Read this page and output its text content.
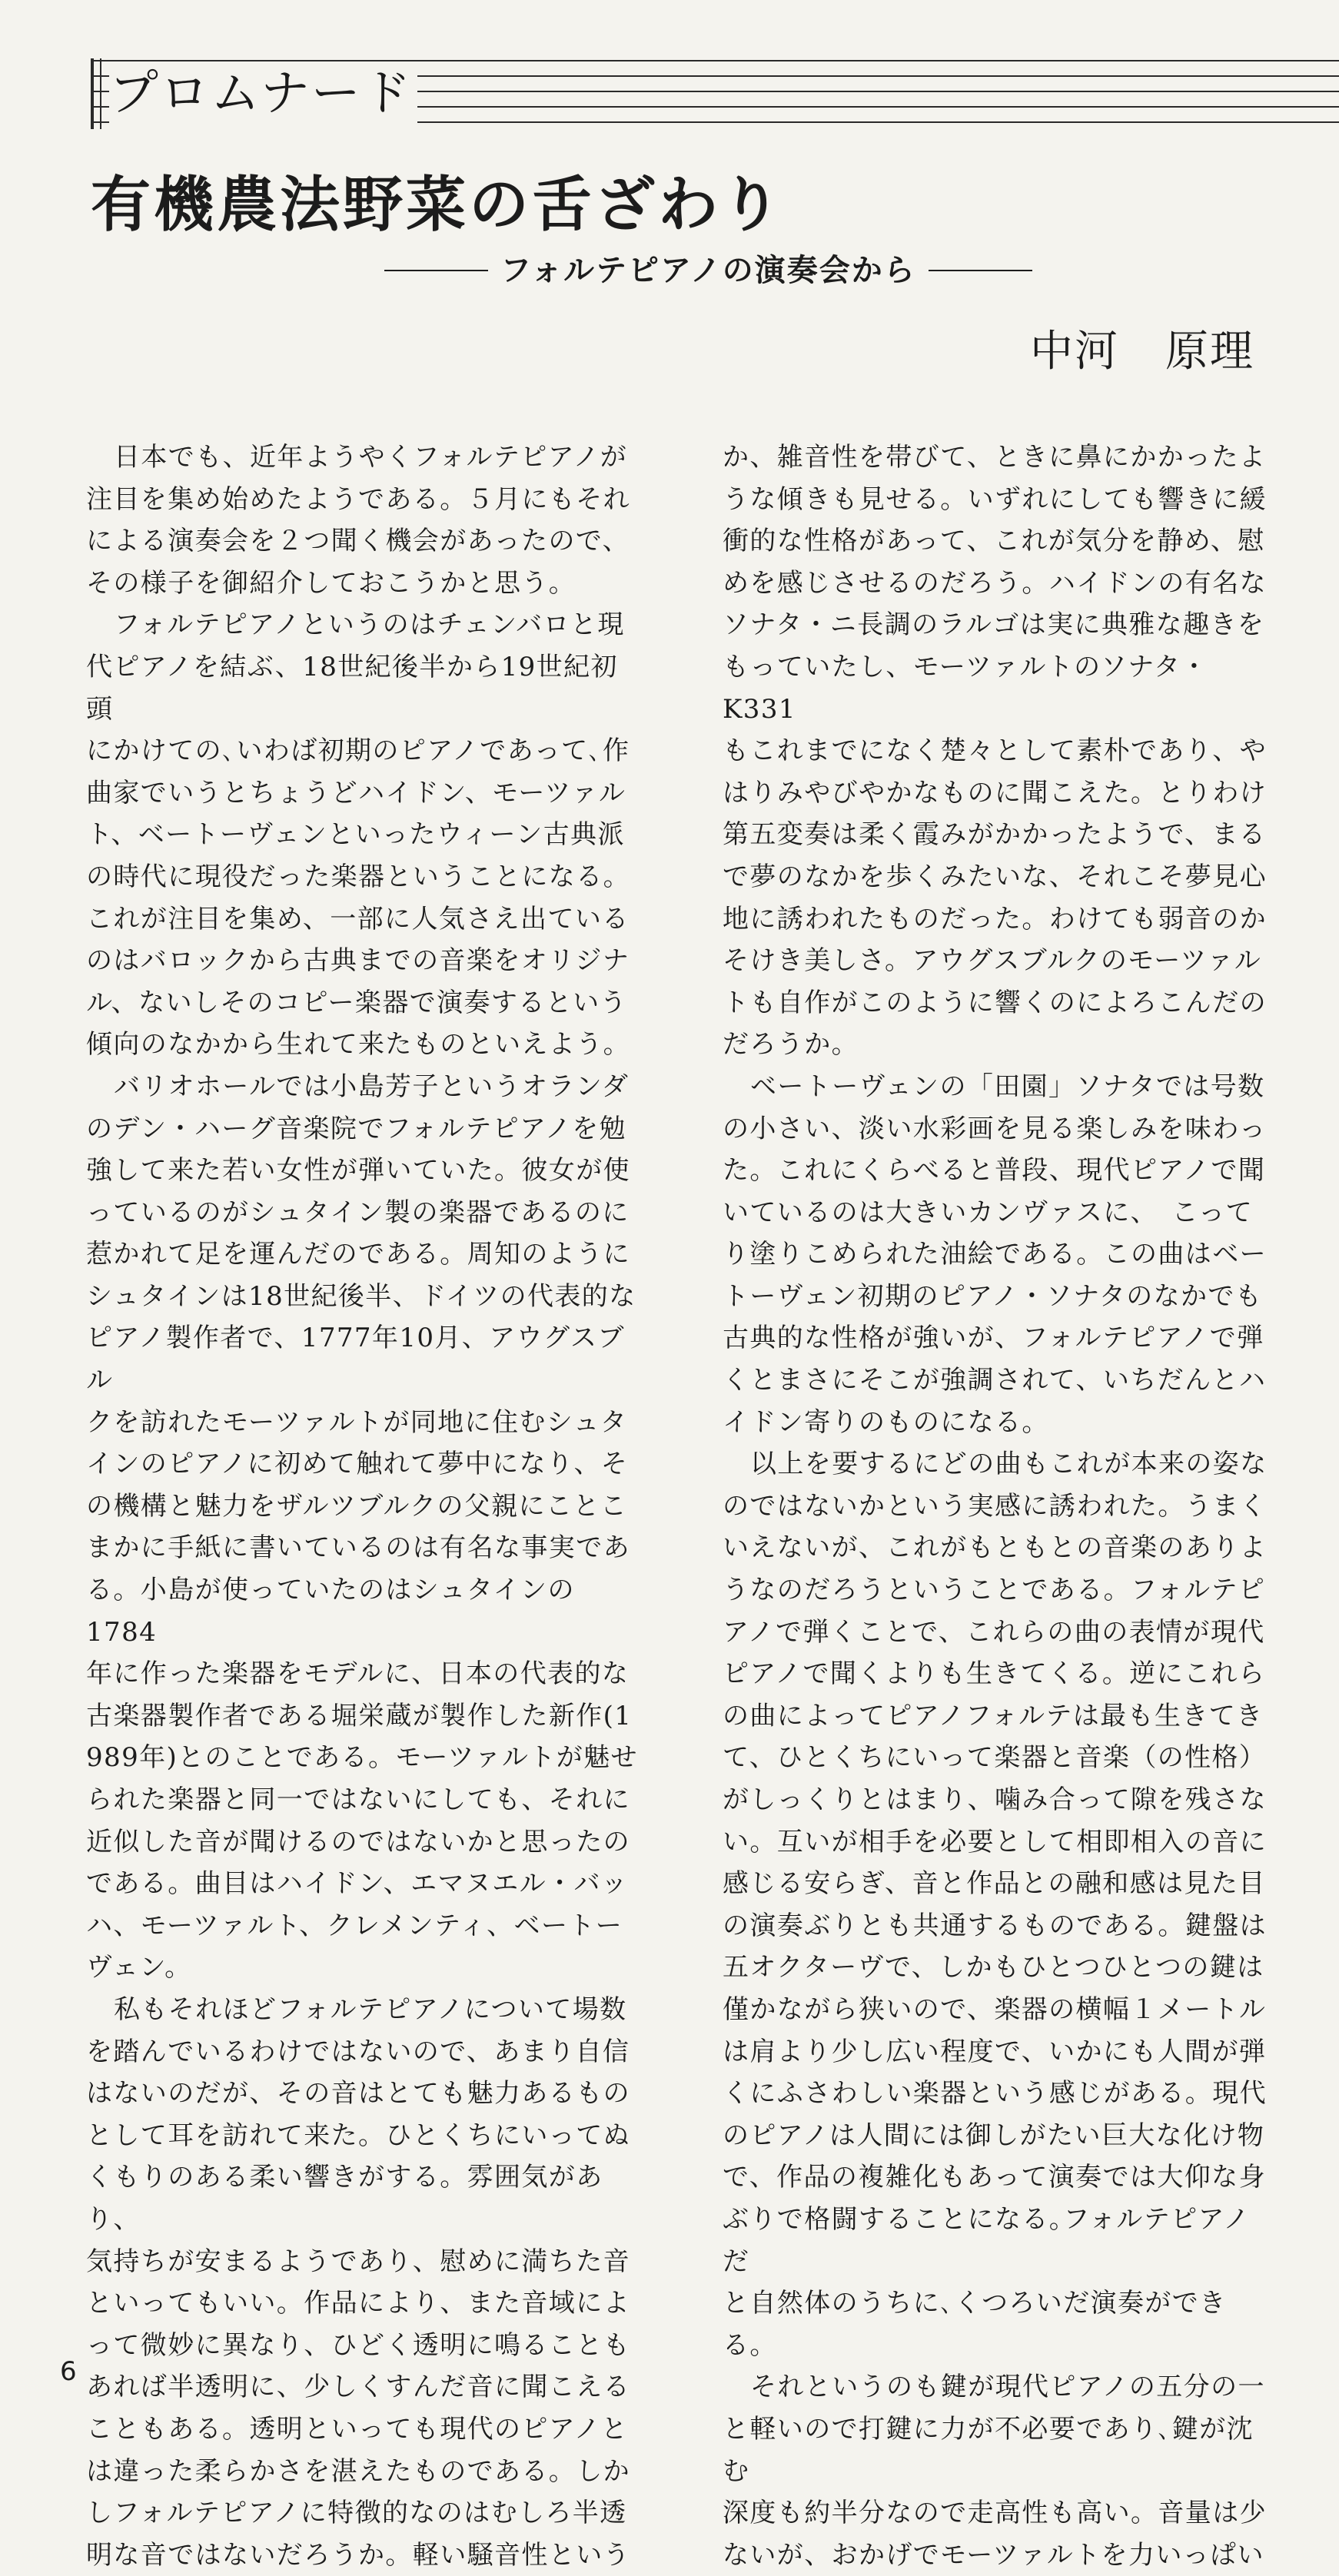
プロムナード
有機農法野菜の舌ざわり
フォルテピアノの演奏会から
中河 原理

日本でも、近年ようやくフォルテピアノが

注目を集め始めたようである。５月にもそれ

による演奏会を２つ聞く機会があったので、

その様子を御紹介しておこうかと思う。

フォルテピアノというのはチェンバロと現

代ピアノを結ぶ、18世紀後半から19世紀初頭

にかけての､いわば初期のピアノであって､作

曲家でいうとちょうどハイドン、モーツァル

ト、ベートーヴェンといったウィーン古典派

の時代に現役だった楽器ということになる。

これが注目を集め、一部に人気さえ出ている

のはバロックから古典までの音楽をオリジナ

ル、ないしそのコピー楽器で演奏するという

傾向のなかから生れて来たものといえよう。

バリオホールでは小島芳子というオランダ

のデン・ハーグ音楽院でフォルテピアノを勉

強して来た若い女性が弾いていた。彼女が使

っているのがシュタイン製の楽器であるのに

惹かれて足を運んだのである。周知のように

シュタインは18世紀後半、ドイツの代表的な

ピアノ製作者で、1777年10月、アウグスブル

クを訪れたモーツァルトが同地に住むシュタ

インのピアノに初めて触れて夢中になり、そ

の機構と魅力をザルツブルクの父親にことこ

まかに手紙に書いているのは有名な事実であ

る。小島が使っていたのはシュタインの1784

年に作った楽器をモデルに、日本の代表的な

古楽器製作者である堀栄蔵が製作した新作(1

989年)とのことである。モーツァルトが魅せ

られた楽器と同一ではないにしても、それに

近似した音が聞けるのではないかと思ったの

である。曲目はハイドン、エマヌエル・バッ

ハ、モーツァルト、クレメンティ、ベートー

ヴェン。

私もそれほどフォルテピアノについて場数

を踏んでいるわけではないので、あまり自信

はないのだが、その音はとても魅力あるもの

として耳を訪れて来た。ひとくちにいってぬ

くもりのある柔い響きがする。雰囲気があり、

気持ちが安まるようであり、慰めに満ちた音

といってもいい。作品により、また音域によ

って微妙に異なり、ひどく透明に鳴ることも

あれば半透明に、少しくすんだ音に聞こえる

こともある。透明といっても現代のピアノと

は違った柔らかさを湛えたものである。しか

しフォルテピアノに特徴的なのはむしろ半透

明な音ではないだろうか。軽い騒音性という

か、雑音性を帯びて、ときに鼻にかかったよ

うな傾きも見せる。いずれにしても響きに緩

衝的な性格があって、これが気分を静め、慰

めを感じさせるのだろう。ハイドンの有名な

ソナタ・ニ長調のラルゴは実に典雅な趣きを

もっていたし、モーツァルトのソナタ・K331

もこれまでになく楚々として素朴であり、や

はりみやびやかなものに聞こえた。とりわけ

第五変奏は柔く霞みがかかったようで、まる

で夢のなかを歩くみたいな、それこそ夢見心

地に誘われたものだった。わけても弱音のか

そけき美しさ。アウグスブルクのモーツァル

トも自作がこのように響くのによろこんだの

だろうか。

ベートーヴェンの「田園」ソナタでは号数

の小さい、淡い水彩画を見る楽しみを味わっ

た。これにくらべると普段、現代ピアノで聞

いているのは大きいカンヴァスに、　こって

り塗りこめられた油絵である。この曲はベー

トーヴェン初期のピアノ・ソナタのなかでも

古典的な性格が強いが、フォルテピアノで弾

くとまさにそこが強調されて、いちだんとハ

イドン寄りのものになる。

以上を要するにどの曲もこれが本来の姿な

のではないかという実感に誘われた。うまく

いえないが、これがもともとの音楽のありよ

うなのだろうということである。フォルテピ

アノで弾くことで、これらの曲の表情が現代

ピアノで聞くよりも生きてくる。逆にこれら

の曲によってピアノフォルテは最も生きてき

て、ひとくちにいって楽器と音楽（の性格）

がしっくりとはまり、噛み合って隙を残さな

い。互いが相手を必要として相即相入の音に

感じる安らぎ、音と作品との融和感は見た目

の演奏ぶりとも共通するものである。鍵盤は

五オクターヴで、しかもひとつひとつの鍵は

僅かながら狭いので、楽器の横幅１メートル

は肩より少し広い程度で、いかにも人間が弾

くにふさわしい楽器という感じがある。現代

のピアノは人間には御しがたい巨大な化け物

で、作品の複雑化もあって演奏では大仰な身

ぶりで格闘することになる｡フォルテピアノだ

と自然体のうちに､くつろいだ演奏ができる。

それというのも鍵が現代ピアノの五分の一

と軽いので打鍵に力が不必要であり､鍵が沈む

深度も約半分なので走高性も高い。音量は少

ないが、おかげでモーツァルトを力いっぱい

6
